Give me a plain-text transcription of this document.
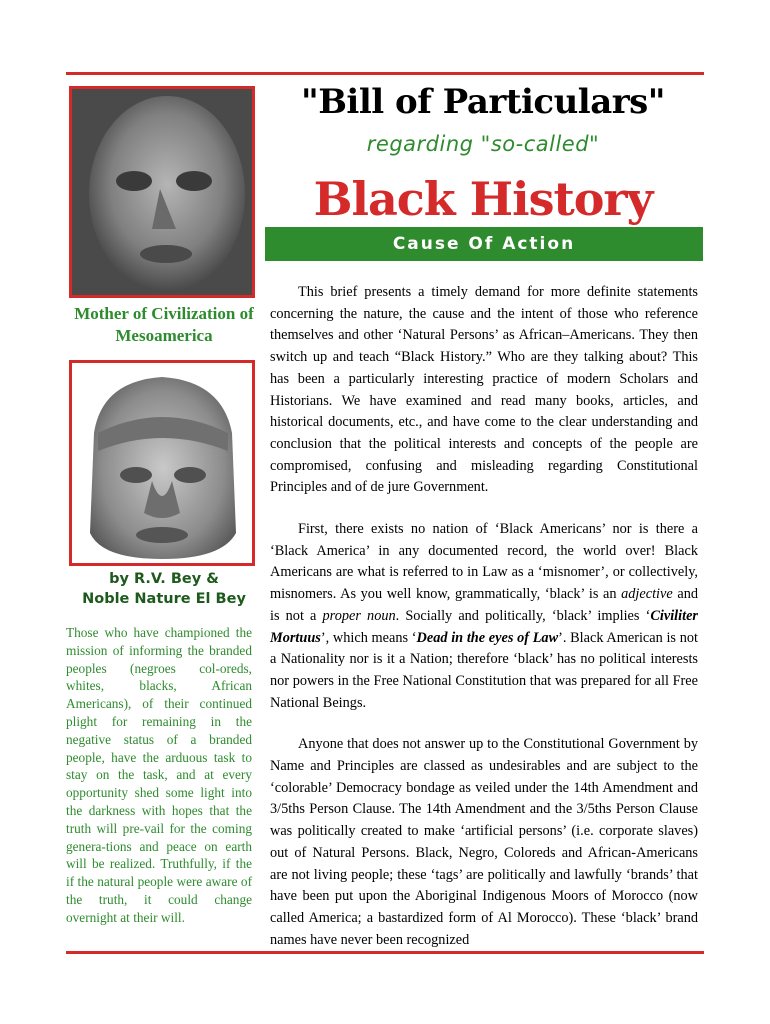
Mother of Civilization of Mesoamerica
by R.V. Bey &
Noble Nature El Bey
Those who have championed the mission of informing the branded peoples (negroes col-oreds, whites, blacks, African Americans), of their continued plight for remaining in the negative status of a branded people, have the arduous task to stay on the task, and at every opportunity shed some light into the darkness with hopes that the truth will pre-vail for the coming genera-tions and peace on earth will be realized. Truthfully, if the if the natural people were aware of the truth, it could change overnight at their will.
"Bill of Particulars"
regarding "so-called"
Black History
Cause Of Action

This brief presents a timely demand for more definite statements concerning the nature, the cause and the intent of those who reference themselves and other ‘Natural Persons’ as African–Americans. They then switch up and teach “Black History.” Who are they talking about? This has been a particularly interesting practice of modern Scholars and Historians. We have examined and read many books, articles, and historical documents, etc., and have come to the clear understanding and conclusion that the political interests and concepts of the people are compromised, confusing and misleading regarding Constitutional Principles and of de jure Government.

First, there exists no nation of ‘Black Americans’ nor is there a ‘Black America’ in any documented record, the world over! Black Americans are what is referred to in Law as a ‘misnomer’, or collectively, misnomers. As you well know, grammatically, ‘black’ is an adjective and is not a proper noun. Socially and politically, ‘black’ implies ‘Civiliter Mortuus’, which means ‘Dead in the eyes of Law’. Black American is not a Nationality nor is it a Nation; therefore ‘black’ has no political interests nor powers in the Free National Constitution that was prepared for all Free National Beings.

Anyone that does not answer up to the Constitutional Government by Name and Principles are classed as undesirables and are subject to the ‘colorable’ Democracy bondage as veiled under the 14th Amendment and 3/5ths Person Clause. The 14th Amendment and the 3/5ths Person Clause was politically created to make ‘artificial persons’ (i.e. corporate slaves) out of Natural Persons. Black, Negro, Coloreds and African-Americans are not living people; these ‘tags’ are politically and lawfully ‘brands’ that have been put upon the Aboriginal Indigenous Moors of Morocco (now called America; a bastardized form of Al Morocco). These ‘black’ brand names have never been recognized
